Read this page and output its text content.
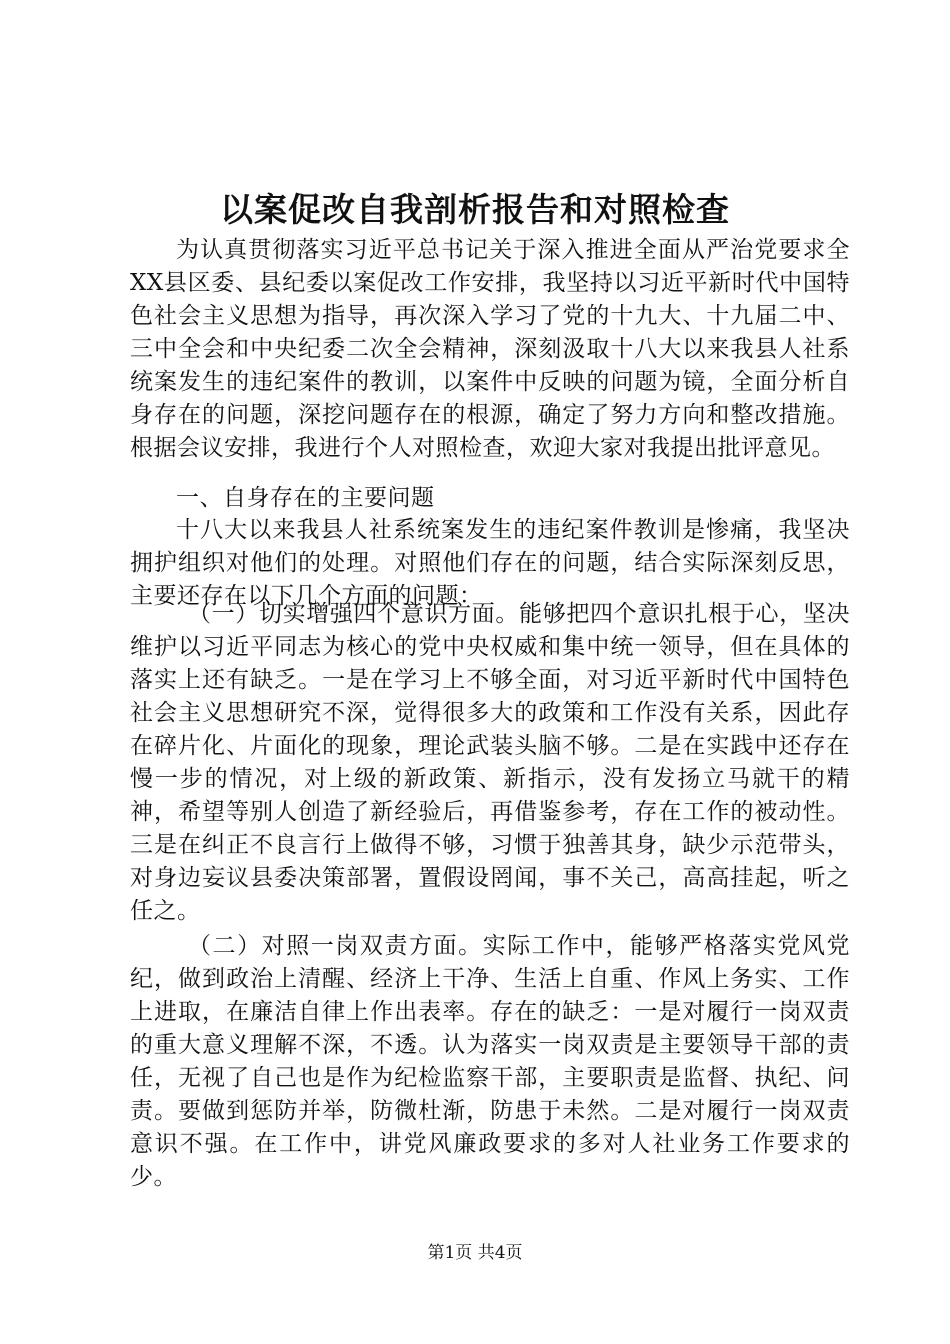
以案促改自我剖析报告和对照检查

为认真贯彻落实习近平总书记关于深入推进全面从严治党要求全XX县区委、县纪委以案促改工作安排，我坚持以习近平新时代中国特色社会主义思想为指导，再次深入学习了党的十九大、十九届二中、三中全会和中央纪委二次全会精神，深刻汲取十八大以来我县人社系统案发生的违纪案件的教训，以案件中反映的问题为镜，全面分析自身存在的问题，深挖问题存在的根源，确定了努力方向和整改措施。根据会议安排，我进行个人对照检查，欢迎大家对我提出批评意见。

一、自身存在的主要问题

十八大以来我县人社系统案发生的违纪案件教训是惨痛，我坚决拥护组织对他们的处理。对照他们存在的问题，结合实际深刻反思，主要还存在以下几个方面的问题：

（一）切实增强四个意识方面。能够把四个意识扎根于心，坚决维护以习近平同志为核心的党中央权威和集中统一领导，但在具体的落实上还有缺乏。一是在学习上不够全面，对习近平新时代中国特色社会主义思想研究不深，觉得很多大的政策和工作没有关系，因此存在碎片化、片面化的现象，理论武装头脑不够。二是在实践中还存在慢一步的情况，对上级的新政策、新指示，没有发扬立马就干的精神，希望等别人创造了新经验后，再借鉴参考，存在工作的被动性。三是在纠正不良言行上做得不够，习惯于独善其身，缺少示范带头，对身边妄议县委决策部署，置假设罔闻，事不关己，高高挂起，听之任之。

（二）对照一岗双责方面。实际工作中，能够严格落实党风党纪，做到政治上清醒、经济上干净、生活上自重、作风上务实、工作上进取，在廉洁自律上作出表率。存在的缺乏：一是对履行一岗双责的重大意义理解不深，不透。认为落实一岗双责是主要领导干部的责任，无视了自己也是作为纪检监察干部，主要职责是监督、执纪、问责。要做到惩防并举，防微杜渐，防患于未然。二是对履行一岗双责意识不强。在工作中，讲党风廉政要求的多对人社业务工作要求的少。

第1页 共4页
